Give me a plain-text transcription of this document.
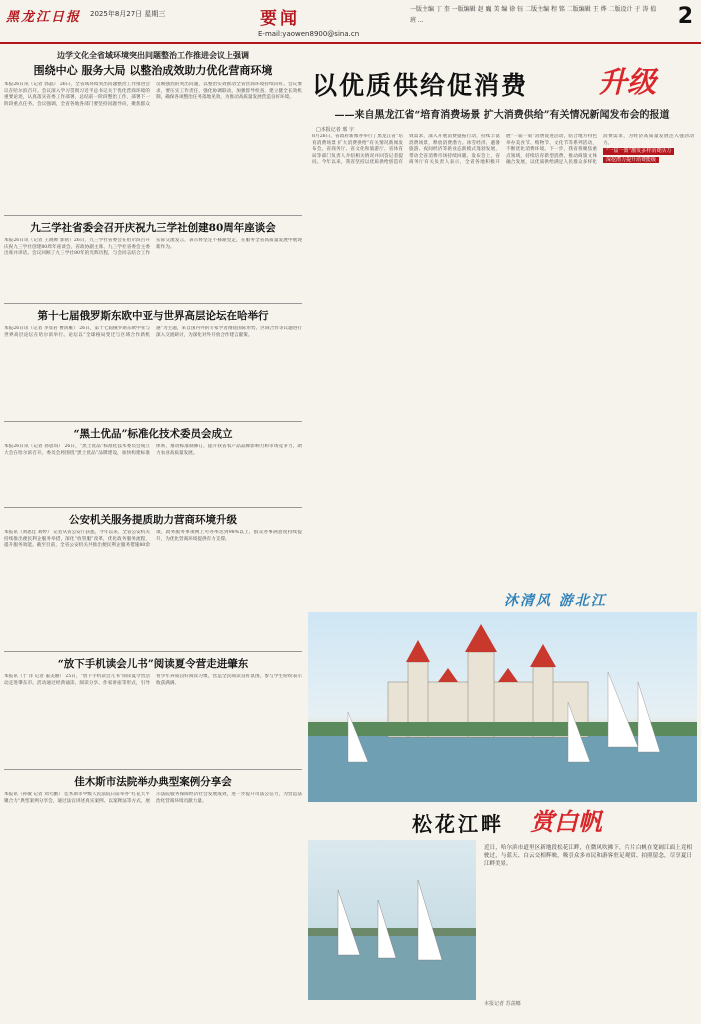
黑龙江日报 2025年8月27日 星期三	要闻
E-mail:yaowen8900@sina.cn
一版主编 丁 奎 一版编辑 赵 巍 美 编 徐 钰 二版主编 程 铭 二版编辑 王 烨 二版设计 于 涛 值 班 ...	2
边学文化全省域环境突出问题整治工作推进会议上强调
围绕中心 服务大局 以整治成效助力优化营商环境
本报26日讯（记者 郭晶） 26日，全省域环境突出问题整治工作推进会议在哈尔滨召开。会议深入学习贯彻习近平总书记关于优化营商环境的重要论述，认真落实省委工作部署，总结前一阶段整治工作，部署下一阶段重点任务。会议强调，全省各地各部门要坚持问题导向，聚焦群众反映强烈的突出问题，以整治实效推动全省营商环境持续向好。会议要求，要压实工作责任，强化协调联动，加强督导检查，建立健全长效机制，确保各项整治任务落地见效，为推动高质量发展营造良好环境。
九三学社省委会召开庆祝九三学社创建80周年座谈会
本报26日讯（记者 王晓帅 郭铭）26日，九三学社省委会在哈尔滨召开庆祝九三学社创建80周年座谈会。省政协副主席、九三学社省委会主委出席并讲话。会议回顾了九三学社80年的光辉历程，与会同志结合工作实际交流发言，表示将坚定不移跟党走，在服务全省高质量发展中展现新作为。
第十七届俄罗斯东欧中亚与世界高层论坛在哈举行
本报26日讯（记者 李显岩 曹鸿雁） 26日，第十七届俄罗斯东欧中亚与世界高层论坛在哈尔滨举行。论坛以“全球格局变迁与区域合作新机遇”为主题，来自国内外的专家学者围绕国际形势、区域合作等议题进行深入交流研讨，为深化对外开放合作建言献策。
“黑土优品”标准化技术委员会成立
本报26日讯（记者 孙思琪） 26日，“黑土优品”标准化技术委员会成立大会在哈尔滨召开。委员会将围绕“黑土优品”品牌建设，加快构建标准体系，推动标准制修订，提升我省农产品品牌影响力和市场竞争力，助力农业高质量发展。
公安机关服务提质助力营商环境升级
本报讯（刘思佳 刘婷） 记者从省公安厅获悉，今年以来，全省公安机关持续推出便民利企服务举措，深化“放管服”改革，优化政务服务流程，提升服务效能。截至目前，全省公安机关共推出便民利企服务措施80余项，政务服务事项网上可办率达到98%以上，群众办事满意度持续提升，为优化营商环境提供有力支撑。
“放下手机读会儿书”阅读夏令营走进肇东
本报讯（于 洋 记者 董美丽） 25日，“放下手机读会儿书”阅读夏令营活动走进肇东市。活动通过经典诵读、阅读分享、作家讲座等形式，引导青少年养成良好阅读习惯，营造全民阅读良好氛围，参与学生纷纷表示收获满满。
佳木斯市法院举办典型案例分享会
本报讯（孙敏 记者 刘大鹏） 佳木斯市中级人民法院日前举办“红花天平聚合力”典型案例分享会，通过法官讲述真实案例、以案释法等方式，展示法院服务保障经济社会发展成效，进一步提升司法公信力，为营造法治化营商环境贡献力量。
以优质供给促消费 升级
——来自黑龙江省“培育消费场景 扩大消费供给”有关情况新闻发布会的报道
□本报记者 邢 宇
8月26日，省政府新闻办举行了黑龙江省“培育消费场景 扩大消费供给”有关情况新闻发布会。省商务厅、省文化和旅游厅、省体育局等部门负责人介绍相关情况并回答记者提问。今年以来，我省坚持以优质供给创造有效需求，深入开展消费提振行动，持续丰富消费场景，释放消费潜力。冰雪经济、避暑旅游、夜间经济等新业态新模式蓬勃发展，带动全省消费市场持续回暖。发布会上，省商务厅有关负责人表示，全省各地积极开展“一届一策”消费促进活动，结合地方特色举办美食节、购物节、文化节等系列活动，不断优化消费环境。下一步，我省将聚焦重点领域，持续培育新型消费，推动商旅文体融合发展，以优质供给满足人民群众多样化消费需求，为经济高质量发展注入强劲动力。
“一届一策”激发多样消费活力
深挖潜力提升消费能级
沐清风 游北江
松花江畔 赏白帆
近日，哈尔滨市道里区新地段松花江畔，在微风吹拂下，片片白帆在宽阔江面上竞相驶过，与蓝天、白云交相辉映，吸引众多市民和游客驻足观赏、拍照留念，尽享夏日江畔美景。
本报记者 苏菡娜
